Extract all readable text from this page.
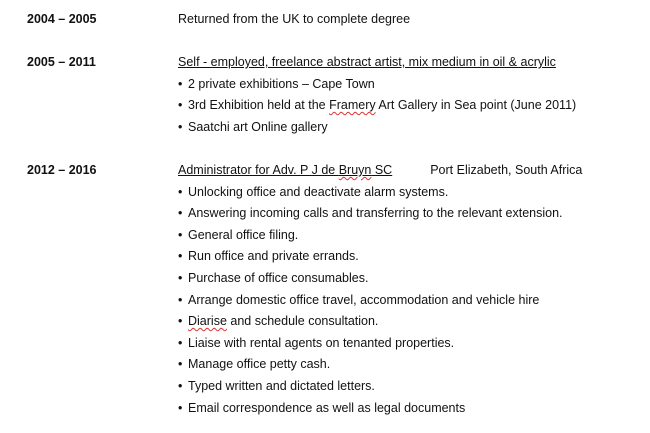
2004 – 2005	Returned from the UK to complete degree
2005 – 2011	Self - employed, freelance abstract artist, mix medium in oil & acrylic
• 2 private exhibitions – Cape Town
• 3rd Exhibition held at the Framery Art Gallery in Sea point (June 2011)
• Saatchi art Online gallery
2012 – 2016	Administrator for Adv. P J de Bruyn SC	Port Elizabeth, South Africa
• Unlocking office and deactivate alarm systems.
• Answering incoming calls and transferring to the relevant extension.
• General office filing.
• Run office and private errands.
• Purchase of office consumables.
• Arrange domestic office travel, accommodation and vehicle hire
• Diarise and schedule consultation.
• Liaise with rental agents on tenanted properties.
• Manage office petty cash.
• Typed written and dictated letters.
• Email correspondence as well as legal documents
